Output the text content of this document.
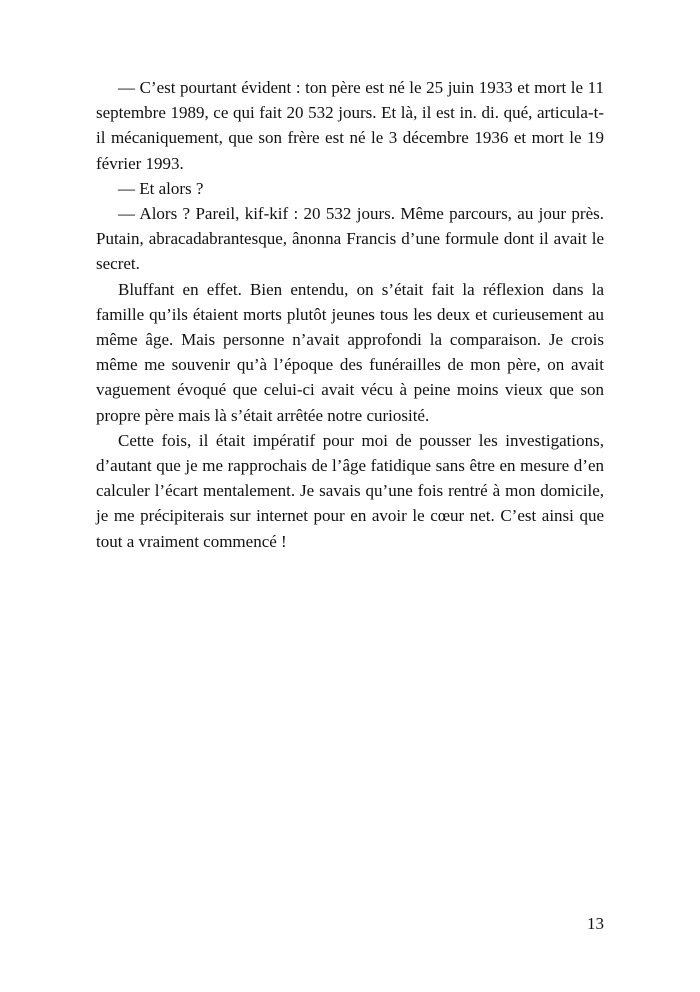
— C’est pourtant évident : ton père est né le 25 juin 1933 et mort le 11 septembre 1989, ce qui fait 20 532 jours. Et là, il est in. di. qué, articula-t-il mécaniquement, que son frère est né le 3 décembre 1936 et mort le 19 février 1993.

— Et alors ?

— Alors ? Pareil, kif-kif : 20 532 jours. Même parcours, au jour près. Putain, abracadabrantesque, ânonna Francis d’une formule dont il avait le secret.

Bluffant en effet. Bien entendu, on s’était fait la réflexion dans la famille qu’ils étaient morts plutôt jeunes tous les deux et curieusement au même âge. Mais personne n’avait approfondi la comparaison. Je crois même me souvenir qu’à l’époque des funérailles de mon père, on avait vaguement évoqué que celui-ci avait vécu à peine moins vieux que son propre père mais là s’était arrêtée notre curiosité.

Cette fois, il était impératif pour moi de pousser les investigations, d’autant que je me rapprochais de l’âge fatidique sans être en mesure d’en calculer l’écart mentalement. Je savais qu’une fois rentré à mon domicile, je me précipiterais sur internet pour en avoir le cœur net. C’est ainsi que tout a vraiment commencé !

13
